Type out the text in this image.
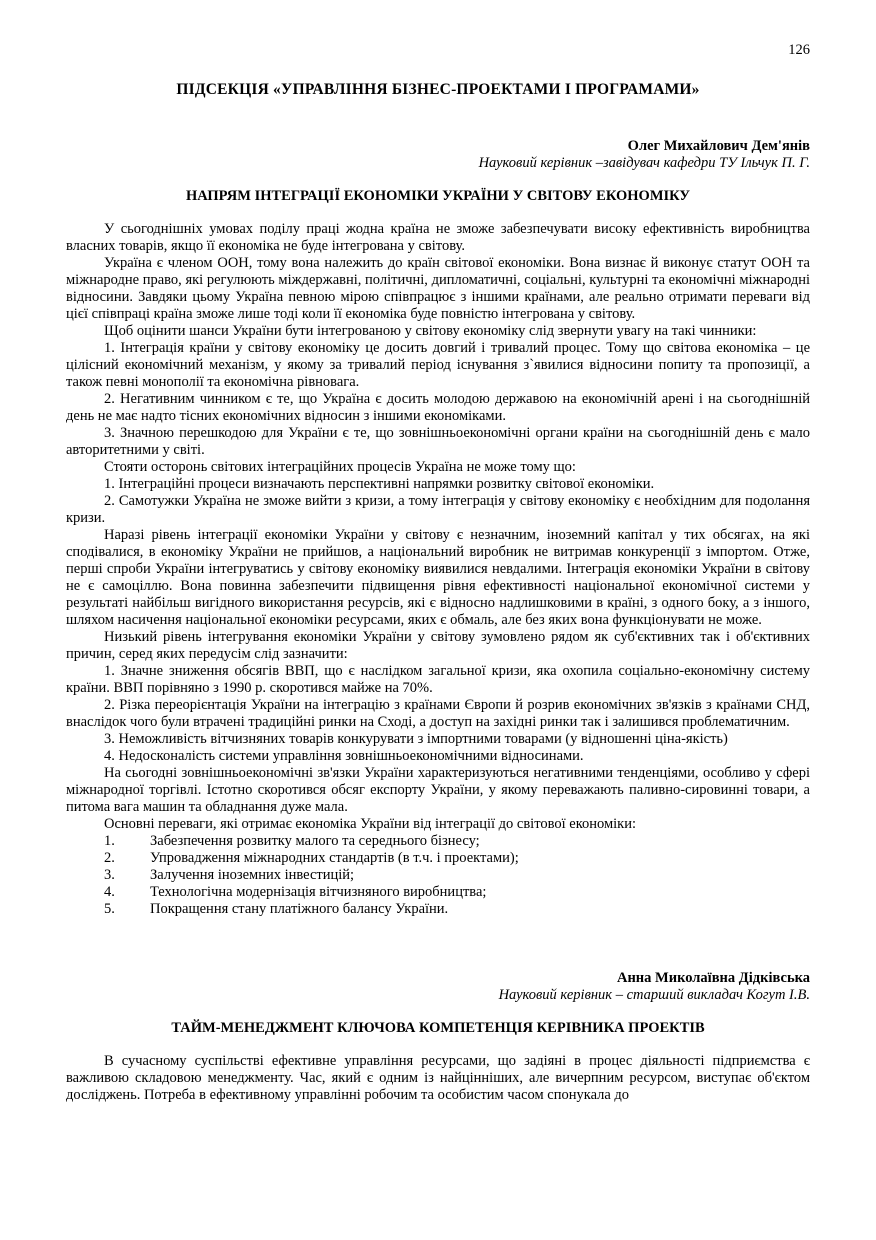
126
ПІДСЕКЦІЯ «УПРАВЛІННЯ БІЗНЕС-ПРОЕКТАМИ І ПРОГРАМАМИ»
Олег Михайлович Дем'янів
Науковий керівник –завідувач кафедри ТУ Ільчук П. Г.
НАПРЯМ ІНТЕГРАЦІЇ ЕКОНОМІКИ УКРАЇНИ У СВІТОВУ ЕКОНОМІКУ

У сьогоднішніх умовах поділу праці жодна країна не зможе забезпечувати високу ефективність виробництва власних товарів, якщо її економіка не буде інтегрована у світову.

Україна є членом ООН, тому вона належить до країн світової економіки. Вона визнає й виконує статут ООН та міжнародне право, які регулюють міждержавні, політичні, дипломатичні, соціальні, культурні та економічні міжнародні відносини. Завдяки цьому Україна певною мірою співпрацює з іншими країнами, але реально отримати переваги від цієї співпраці країна зможе лише тоді коли її економіка буде повністю інтегрована у світову.

Щоб оцінити шанси України бути інтегрованою у світову економіку слід звернути увагу на такі чинники:

1. Інтеграція країни у світову економіку це досить довгий і тривалий процес. Тому що світова економіка – це цілісний економічний механізм, у якому за тривалий період існування з`явилися відносини попиту та пропозиції, а також певні монополії та економічна рівновага.

2. Негативним чинником є те, що Україна є досить молодою державою на економічній арені і на сьогоднішній день не має надто тісних економічних відносин з іншими економіками.

3. Значною перешкодою для України є те, що зовнішньоекономічні органи країни на сьогоднішній день є мало авторитетними у світі.

Стояти осторонь світових інтеграційних процесів Україна не може тому що:

1. Інтеграційні процеси визначають перспективні напрямки розвитку світової економіки.

2. Самотужки Україна не зможе вийти з кризи, а тому інтеграція у світову економіку є необхідним для подолання кризи.

Наразі рівень інтеграції економіки України у світову є незначним, іноземний капітал у тих обсягах, на які сподівалися, в економіку України не прийшов, а національний виробник не витримав конкуренції з імпортом. Отже, перші спроби України інтегруватись у світову економіку виявилися невдалими. Інтеграція економіки України в світову не є самоціллю. Вона повинна забезпечити підвищення рівня ефективності національної економічної системи у результаті найбільш вигідного використання ресурсів, які є відносно надлишковими в країні, з одного боку, а з іншого, шляхом насичення національної економіки ресурсами, яких є обмаль, але без яких вона функціонувати не може.

Низький рівень інтегрування економіки України у світову зумовлено рядом як суб'єктивних так і об'єктивних причин, серед яких передусім слід зазначити:

1. Значне зниження обсягів ВВП, що є наслідком загальної кризи, яка охопила соціально-економічну систему країни. ВВП порівняно з 1990 р. скоротився майже на 70%.

2. Різка переорієнтація України на інтеграцію з країнами Європи й розрив економічних зв'язків з країнами СНД, внаслідок чого були втрачені традиційні ринки на Сході, а доступ на західні ринки так і залишився проблематичним.

3. Неможливість вітчизняних товарів конкурувати з імпортними товарами (у відношенні ціна-якість)

4. Недосконалість системи управління зовнішньоекономічними відносинами.

На сьогодні зовнішньоекономічні зв'язки України характеризуються негативними тенденціями, особливо у сфері міжнародної торгівлі. Істотно скоротився обсяг експорту України, у якому переважають паливно-сировинні товари, а питома вага машин та обладнання дуже мала.

Основні переваги, які отримає економіка України від інтеграції до світової економіки:

1.	Забезпечення розвитку малого та середнього бізнесу;
2.	Упровадження міжнародних стандартів (в т.ч. і проектами);
3.	Залучення іноземних інвестицій;
4.	Технологічна модернізація вітчизняного виробництва;
5.	Покращення стану платіжного балансу України.
Анна Миколаївна Дідківська
Науковий керівник – старший викладач Когут І.В.
ТАЙМ-МЕНЕДЖМЕНТ КЛЮЧОВА КОМПЕТЕНЦІЯ КЕРІВНИКА ПРОЕКТІВ

В сучасному суспільстві ефективне управління ресурсами, що задіяні в процес діяльності підприємства є важливою складовою менеджменту. Час, який є одним із найцінніших, але вичерпним ресурсом, виступає об'єктом досліджень. Потреба в ефективному управлінні робочим та особистим часом спонукала до
